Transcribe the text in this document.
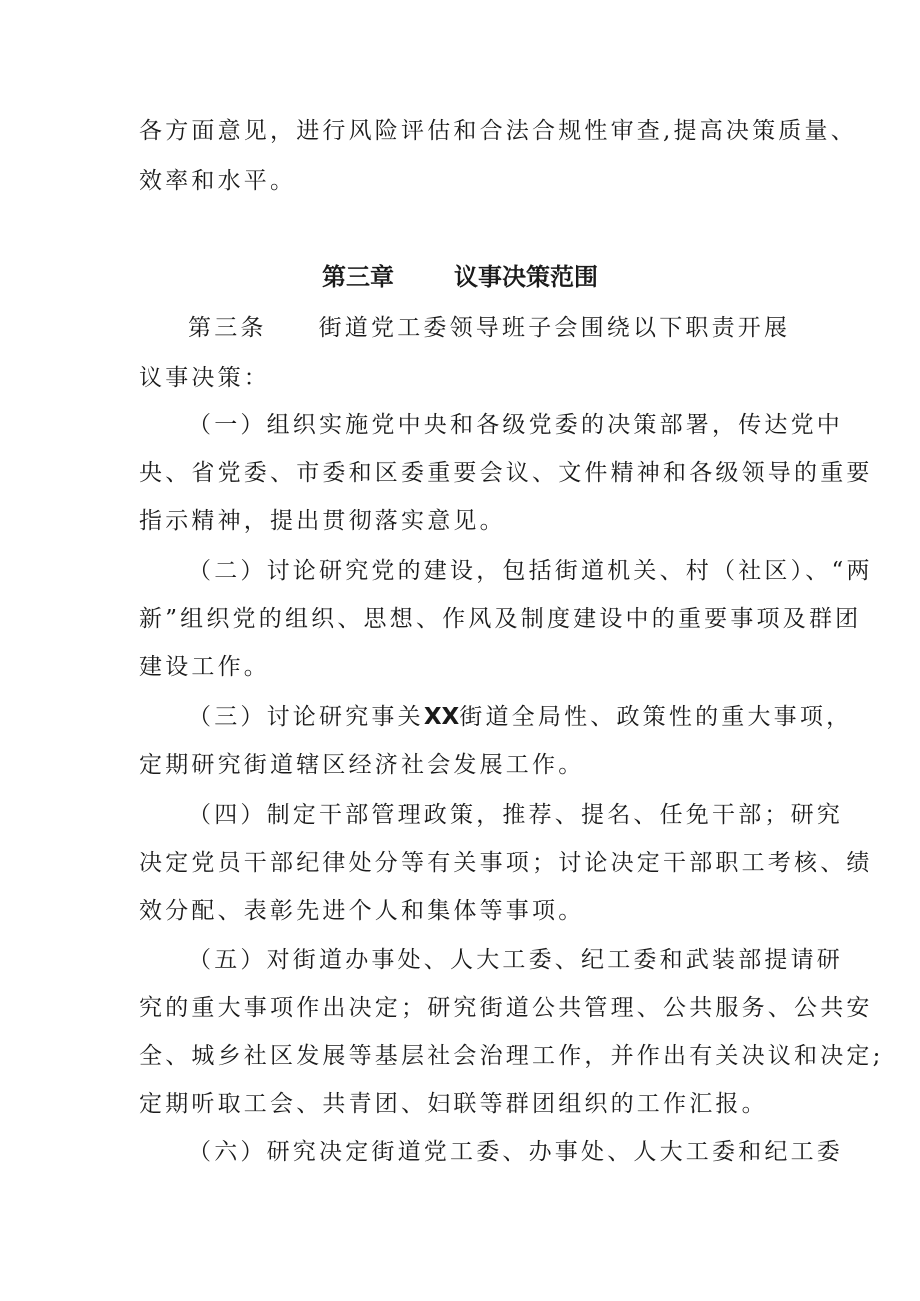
各方面意见，进行风险评估和合法合规性审查,提高决策质量、
效率和水平。
第三章	议事决策范围
第三条 街道党工委领导班子会围绕以下职责开展
议事决策：
（一）组织实施党中央和各级党委的决策部署，传达党中
央、省党委、市委和区委重要会议、文件精神和各级领导的重要
指示精神，提出贯彻落实意见。
（二）讨论研究党的建设，包括街道机关、村（社区）、“两
新”组织党的组织、思想、作风及制度建设中的重要事项及群团
建设工作。
（三）讨论研究事关XX街道全局性、政策性的重大事项，
定期研究街道辖区经济社会发展工作。
（四）制定干部管理政策，推荐、提名、任免干部；研究
决定党员干部纪律处分等有关事项；讨论决定干部职工考核、绩
效分配、表彰先进个人和集体等事项。
（五）对街道办事处、人大工委、纪工委和武装部提请研
究的重大事项作出决定；研究街道公共管理、公共服务、公共安
全、城乡社区发展等基层社会治理工作，并作出有关决议和决定;
定期听取工会、共青团、妇联等群团组织的工作汇报。
（六）研究决定街道党工委、办事处、人大工委和纪工委
